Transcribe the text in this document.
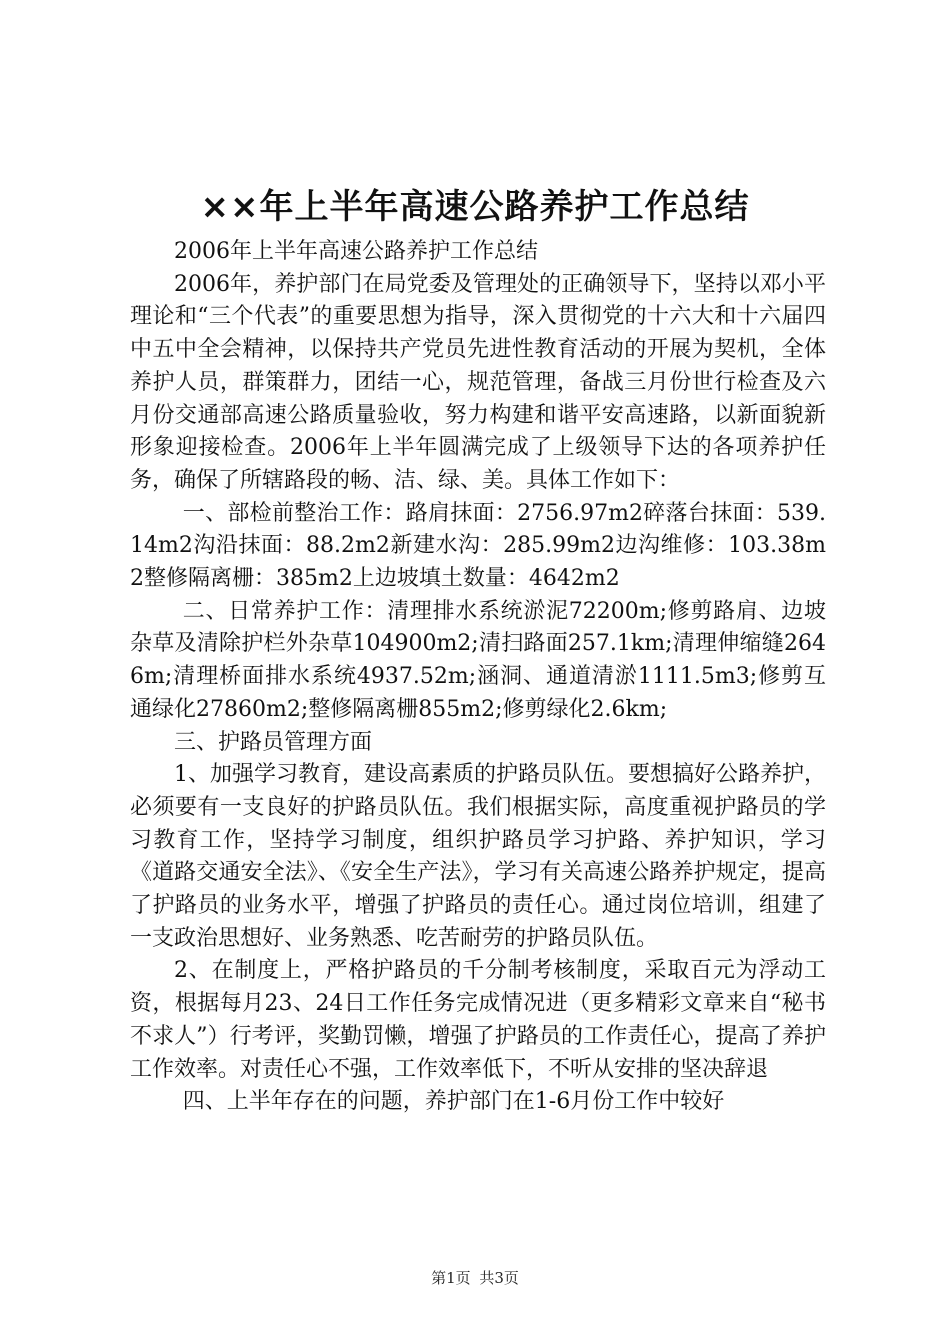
××年上半年高速公路养护工作总结

2006年上半年高速公路养护工作总结

2006年，养护部门在局党委及管理处的正确领导下，坚持以邓小平理论和“三个代表”的重要思想为指导，深入贯彻党的十六大和十六届四中五中全会精神，以保持共产党员先进性教育活动的开展为契机，全体养护人员，群策群力，团结一心，规范管理，备战三月份世行检查及六月份交通部高速公路质量验收，努力构建和谐平安高速路，以新面貌新形象迎接检查。2006年上半年圆满完成了上级领导下达的各项养护任务，确保了所辖路段的畅、洁、绿、美。具体工作如下：

一、部检前整治工作：路肩抹面：2756.97m2碎落台抹面：539.14m2沟沿抹面：88.2m2新建水沟：285.99m2边沟维修：103.38m2整修隔离栅：385m2上边坡填土数量：4642m2

二、日常养护工作：清理排水系统淤泥72200m;修剪路肩、边坡杂草及清除护栏外杂草104900m2;清扫路面257.1km;清理伸缩缝2646m;清理桥面排水系统4937.52m;涵洞、通道清淤1111.5m3;修剪互通绿化27860m2;整修隔离栅855m2;修剪绿化2.6km;

三、护路员管理方面

1、加强学习教育，建设高素质的护路员队伍。要想搞好公路养护，必须要有一支良好的护路员队伍。我们根据实际，高度重视护路员的学习教育工作，坚持学习制度，组织护路员学习护路、养护知识，学习《道路交通安全法》、《安全生产法》，学习有关高速公路养护规定，提高了护路员的业务水平，增强了护路员的责任心。通过岗位培训，组建了一支政治思想好、业务熟悉、吃苦耐劳的护路员队伍。

2、在制度上，严格护路员的千分制考核制度，采取百元为浮动工资，根据每月23、24日工作任务完成情况进（更多精彩文章来自“秘书不求人”）行考评，奖勤罚懒，增强了护路员的工作责任心，提高了养护工作效率。对责任心不强，工作效率低下，不听从安排的坚决辞退

四、上半年存在的问题，养护部门在1-6月份工作中较好

第1页 共3页
